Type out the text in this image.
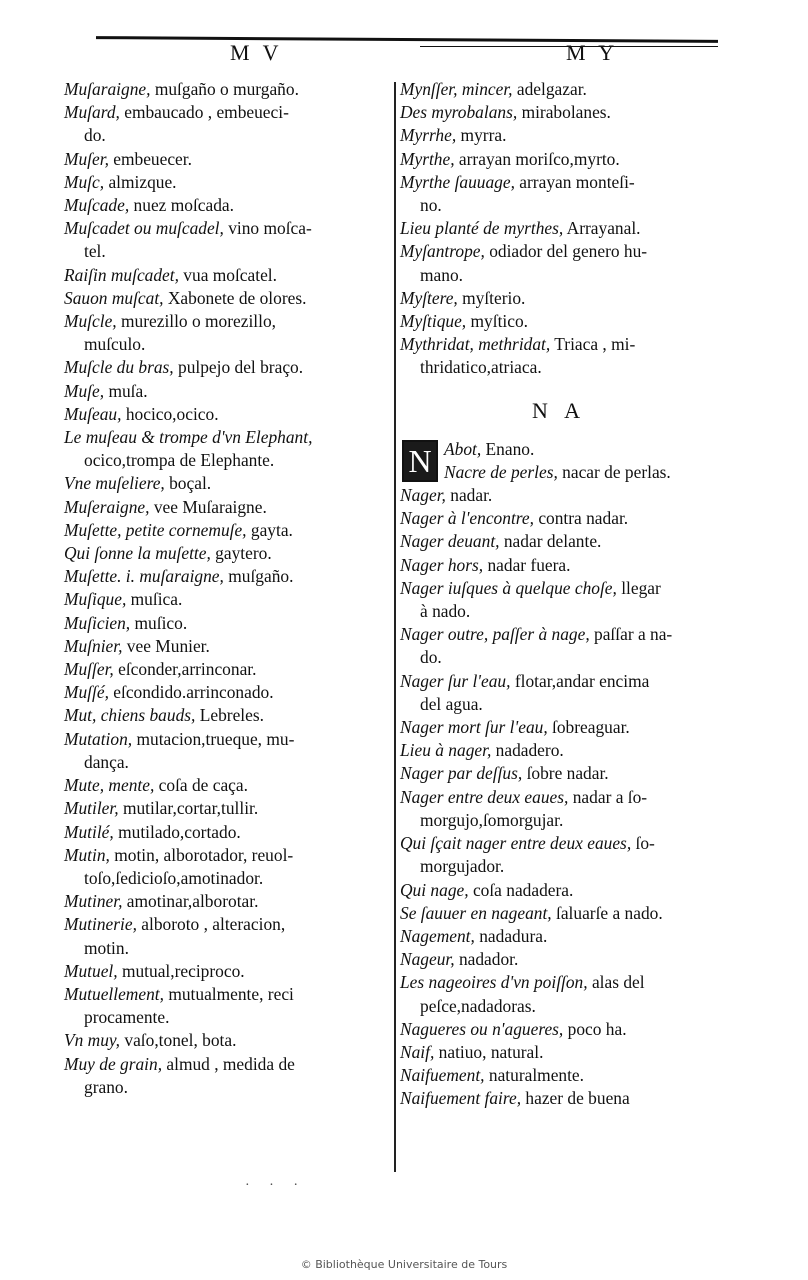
M V	M Y

Muſaraigne, muſgaño o murgaño.

Muſard, embaucado , embeueci-
do.

Muſer, embeuecer.

Muſc, almizque.

Muſcade, nuez moſcada.

Muſcadet ou muſcadel, vino moſca-
tel.

Raiſin muſcadet, vua moſcatel.

Sauon muſcat, Xabonete de olores.

Muſcle, murezillo o morezillo,
muſculo.

Muſcle du bras, pulpejo del braço.

Muſe, muſa.

Muſeau, hocico,ocico.

Le muſeau & trompe d'vn Elephant,
ocico,trompa de Elephante.

Vne muſeliere, boçal.

Muſeraigne, vee Muſaraigne.

Muſette, petite cornemuſe, gayta.

Qui ſonne la muſette, gaytero.

Muſette. i. muſaraigne, muſgaño.

Muſique, muſica.

Muſicien, muſico.

Muſnier, vee Munier.

Muſſer, eſconder,arrinconar.

Muſſé, eſcondido.arrinconado.

Mut, chiens bauds, Lebreles.

Mutation, mutacion,trueque, mu-
dança.

Mute, mente, coſa de caça.

Mutiler, mutilar,cortar,tullir.

Mutilé, mutilado,cortado.

Mutin, motin, alborotador, reuol-
toſo,ſedicioſo,amotinador.

Mutiner, amotinar,alborotar.

Mutinerie, alboroto , alteracion,
motin.

Mutuel, mutual,reciproco.

Mutuellement, mutualmente, reci
procamente.

Vn muy, vaſo,tonel, bota.

Muy de grain, almud , medida de
grano.

Mynſſer, mincer, adelgazar.

Des myrobalans, mirabolanes.

Myrrhe, myrra.

Myrthe, arrayan moriſco,myrto.

Myrthe ſauuage, arrayan monteſi-
no.

Lieu planté de myrthes, Arrayanal.

Myſantrope, odiador del genero hu-
mano.

Myſtere, myſterio.

Myſtique, myſtico.

Mythridat, methridat, Triaca , mi-
thridatico,atriaca.

N A

N Abot, Enano.

Nacre de perles, nacar de perlas.

Nager, nadar.

Nager à l'encontre, contra nadar.

Nager deuant, nadar delante.

Nager hors, nadar fuera.

Nager iuſques à quelque choſe, llegar
à nado.

Nager outre, paſſer à nage, paſſar a na-
do.

Nager ſur l'eau, flotar,andar encima
del agua.

Nager mort ſur l'eau, ſobreaguar.

Lieu à nager, nadadero.

Nager par deſſus, ſobre nadar.

Nager entre deux eaues, nadar a ſo-
morgujo,ſomorgujar.

Qui ſçait nager entre deux eaues, ſo-
morgujador.

Qui nage, coſa nadadera.

Se ſauuer en nageant, ſaluarſe a nado.

Nagement, nadadura.

Nageur, nadador.

Les nageoires d'vn poiſſon, alas del
peſce,nadadoras.

Nagueres ou n'agueres, poco ha.

Naif, natiuo, natural.

Naifuement, naturalmente.

Naifuement faire, hazer de buena

· · ·
© Bibliothèque Universitaire de Tours
